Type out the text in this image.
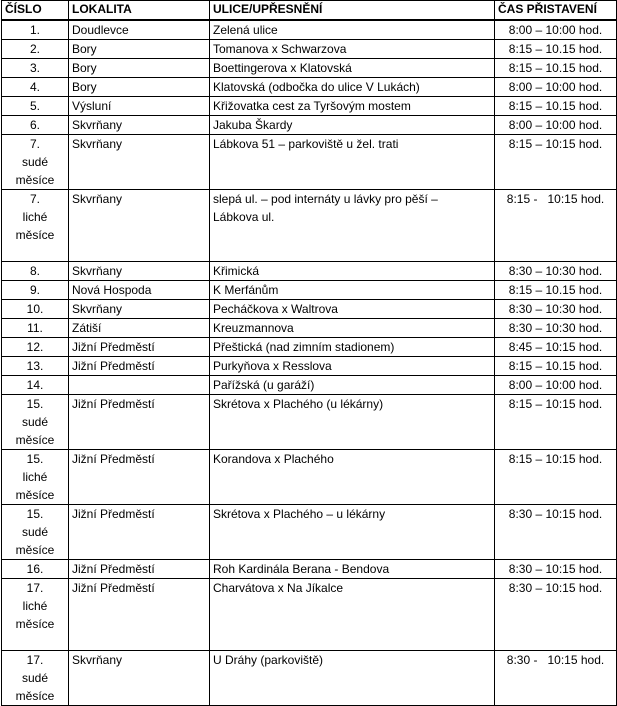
ČÍSLO	LOKALITA	ULICE/UPŘESNĚNÍ	ČAS PŘISTAVENÍ

1.	Doudlevce	Zelená ulice	8:00 – 10:00 hod.

2.	Bory	Tomanova x Schwarzova	8:15 – 10.15 hod.

3.	Bory	Boettingerova x Klatovská	8:15 – 10.15 hod.

4.	Bory	Klatovská (odbočka do ulice V Lukách)	8:00 – 10:00 hod.

5.	Výsluní	Křižovatka cest za Tyršovým mostem	8:15 – 10.15 hod.

6.	Skvrňany	Jakuba Škardy	8:00 – 10:00 hod.

7.
sudé
měsíce	Skvrňany	Lábkova 51 – parkoviště u žel. trati	8:15 – 10:15 hod.

7.
liché
měsíce	Skvrňany	slepá ul. – pod internáty u lávky pro pěší –
Lábkova ul.	8:15 -   10:15 hod.

8.	Skvrňany	Křimická	8:30 – 10:30 hod.

9.	Nová Hospoda	K Merfánům	8:15 – 10.15 hod.

10.	Skvrňany	Pecháčkova x Waltrova	8:30 – 10:30 hod.

11.	Zátiší	Kreuzmannova	8:30 – 10:30 hod.

12.	Jižní Předměstí	Přeštická (nad zimním stadionem)	8:45 – 10:15 hod.

13.	Jižní Předměstí	Purkyňova x Resslova	8:15 – 10.15 hod.

14.		Pařížská (u garáží)	8:00 – 10:00 hod.

15.
sudé
měsíce	Jižní Předměstí	Skrétova x Plachého (u lékárny)	8:15 – 10:15 hod.

15.
liché
měsíce	Jižní Předměstí	Korandova x Plachého	8:15 – 10:15 hod.

15.
sudé
měsíce	Jižní Předměstí	Skrétova x Plachého – u lékárny	8:30 – 10:15 hod.

16.	Jižní Předměstí	Roh Kardinála Berana - Bendova	8:30 – 10:15 hod.

17.
liché
měsíce	Jižní Předměstí	Charvátova x Na Jíkalce	8:30 – 10:15 hod.

17.
sudé
měsíce	Skvrňany	U Dráhy (parkoviště)	8:30 -   10:15 hod.
